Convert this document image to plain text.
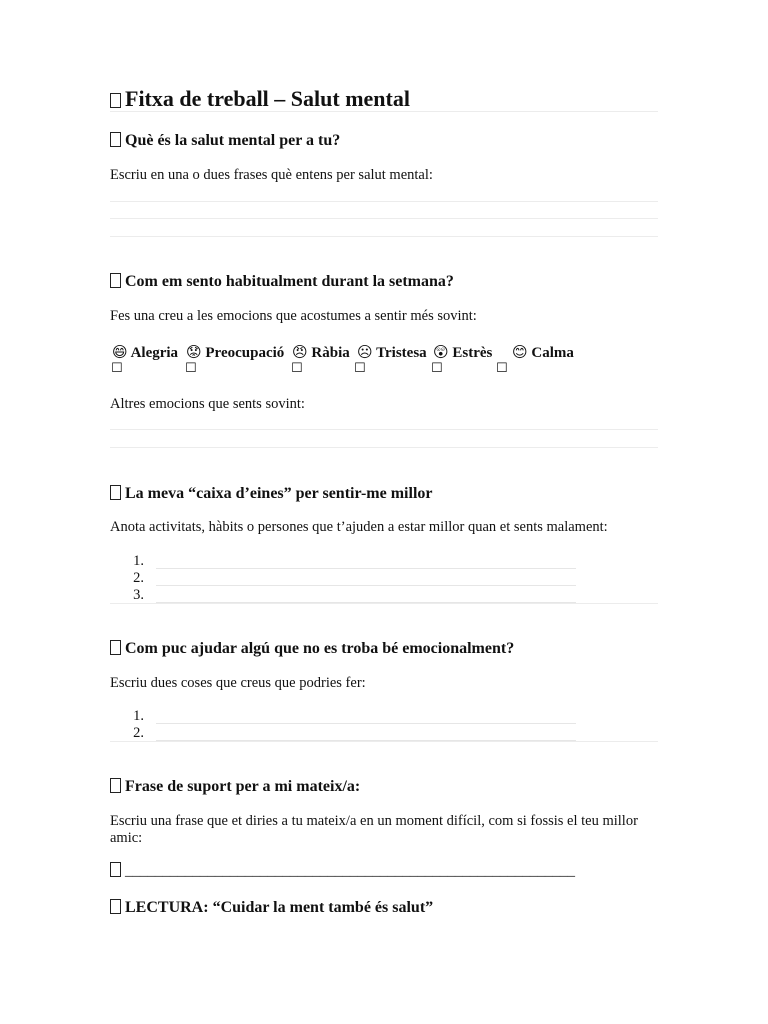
Fitxa de treball – Salut mental
Què és la salut mental per a tu?

Escriu en una o dues frases què entens per salut mental:

Com em sento habitualment durant la setmana?

Fes una creu a les emocions que acostumes a sentir més sovint:

😄 Alegria 😟 Preocupació 😠 Ràbia ☹ Tristesa 😲 Estrès 😊 Calma
☐	☐	☐	☐	☐	☐

Altres emocions que sents sovint:

La meva “caixa d’eines” per sentir-me millor

Anota activitats, hàbits o persones que t’ajuden a estar millor quan et sents malament:

1.
2.
3.
Com puc ajudar algú que no es troba bé emocionalment?

Escriu dues coses que creus que podries fer:

1.
2.
Frase de suport per a mi mateix/a:

Escriu una frase que et diries a tu mateix/a en un moment difícil, com si fossis el teu millor amic:

____________________________________________________________
LECTURA: “Cuidar la ment també és salut”
